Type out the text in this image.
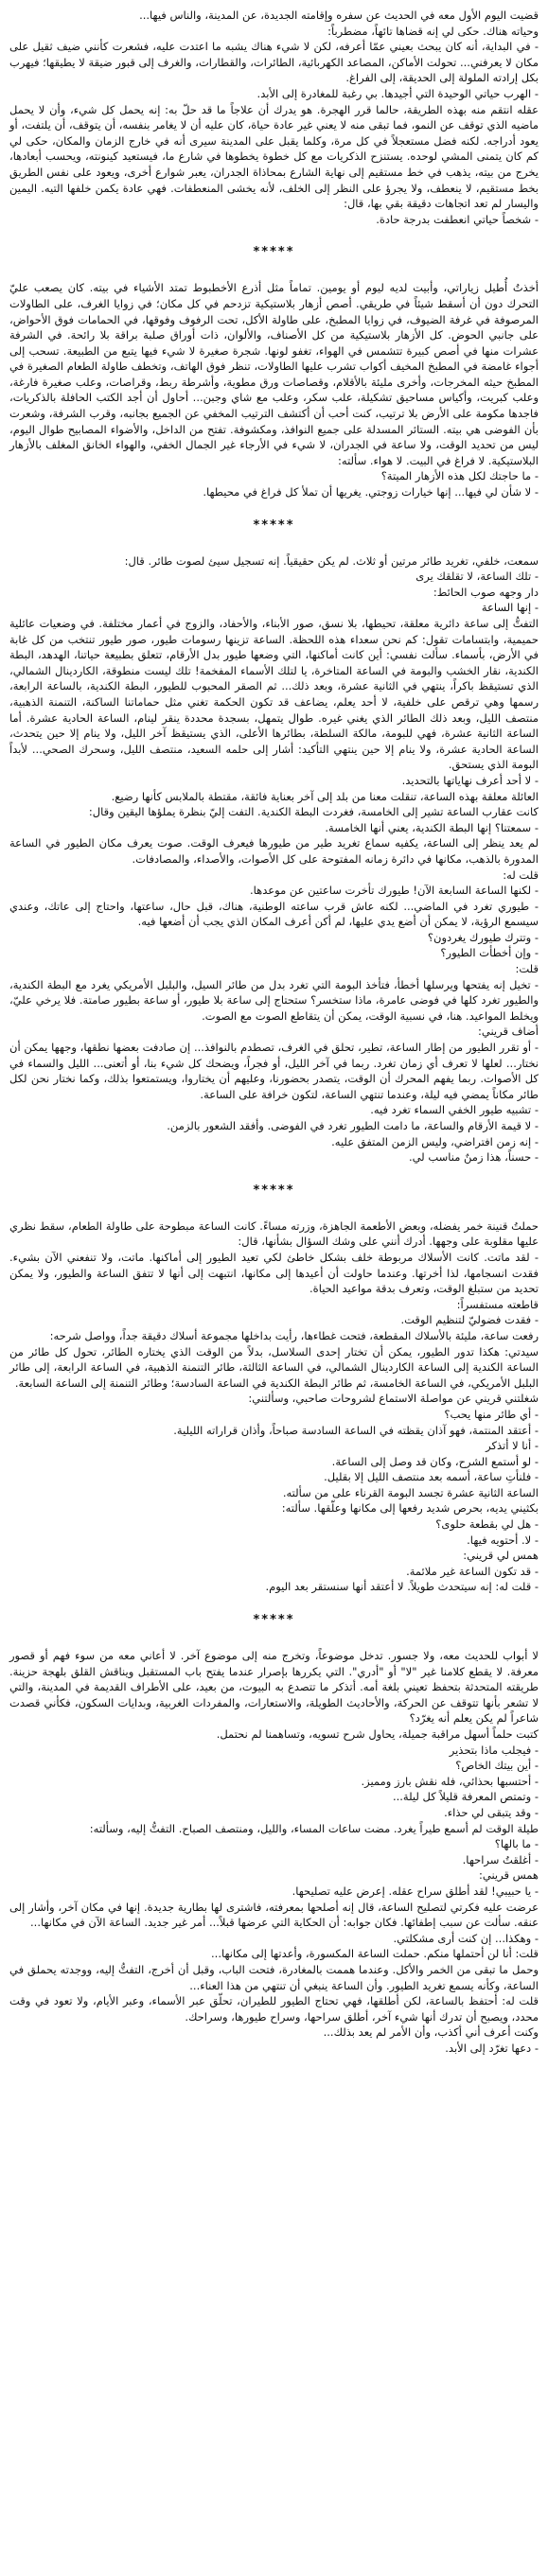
قضيت اليوم الأول معه في الحديث عن سفره وإقامته الجديدة، عن المدينة، والناس فيها...

وحياته هناك. حكى لي إنه قضاها تائهاً، مضطرباً:

- في البداية، أنه كان يبحث بعيني عمّا أعرفه، لكن لا شيء هناك يشبه ما اعتدت عليه، فشعرت كأنني ضيف ثقيل على مكان لا يعرفني... تحولت الأماكن، المصاعد الكهربائية، الطائرات، والقطارات، والغرف إلى قبور ضيقة لا يطيقها؛ فيهرب بكل إرادته الملولة إلى الحديقة، إلى الفراغ.

- الهرب حياتي الوحيدة التي أجيدها. بي رغبة للمغادرة إلى الأبد.

عقله انتقم منه بهذه الطريقة، حالما قرر الهجرة. هو يدرك أن علاجاً ما قد حلّ به: إنه يحمل كل شيء، وأن لا يحمل ماضيه الذي توقف عن النمو، فما تبقى منه لا يعني غير عادة حياة، كان عليه أن لا يغامر بنفسه، أن يتوقف، أن يلتفت، أو يعود أدراجه. لكنه فضل مستعجلاً في كل مرة، وكلما يقبل على المدينة سيرى أنه في خارج الزمان والمكان، حكى لي كم كان يتمنى المشي لوحده. يستنزح الذكريات مع كل خطوة يخطوها في شارع ما، فيستعيد كينونته، ويحسب أبعادها، يخرج من بيته، يذهب في خط مستقيم إلى نهاية الشارع بمحاذاة الجدران، يعبر شوارع أخرى، ويعود على نفس الطريق بخط مستقيم، لا ينعطف، ولا يجرؤ على النظر إلى الخلف، لأنه يخشى المنعطفات. فهي عادة يكمن خلفها التيه. اليمين واليسار لم تعد اتجاهات دقيقة بقي بها، قال:

- شخصاً حياتي انعطفت بدرجة حادة.

*****

أخذتُ أُطيل زياراتي، وأبيت لديه ليوم أو يومين. تماماً مثل أذرع الأخطبوط تمتد الأشياء في بيته. كان يصعب عليّ التحرك دون أن أسقط شيئاً في طريقي. أصص أزهار بلاستيكية تزدحم في كل مكان؛ في زوايا الغرف، على الطاولات المرصوفة في غرفة الضيوف، في زوايا المطبخ، على طاولة الأكل، تحت الرفوف وفوقها، في الحمامات فوق الأحواض، على جانبي الحوض. كل الأزهار بلاستيكية من كل الأصناف، والألوان، ذات أوراق صلبة براقة بلا رائحة. في الشرفة عشرات منها في أصص كبيرة تتشمس في الهواء، تغفو لونها. شجرة صغيرة لا شيء فيها يتبع من الطبيعة. تسحب إلى أجواء غامضة في المطبخ المخيف أكواب تشرب عليها الطاولات، تنظر فوق الهاتف، وتخطف طاولة الطعام الصغيرة في المطبخ حيثه المخرجات، وأخرى مليئة بالأقلام، وقصاصات ورق مطوية، وأشرطة ربط، وقراصات، وعلب صغيرة فارغة، وعلب كبريت، وأكياس مساحيق تشكيلة، علب سكر، وعلب مع شاي وجبن... أحاول أن أجد الكتب الحافلة بالذكريات، فاجدها مكومة على الأرض بلا ترتيب، كنت أحب أن أكتشف الترتيب المخفي عن الجميع بجانبه، وقرب الشرفة، وشعرت بأن الفوضى هي بيته. الستائر المسدلة على جميع النوافذ، ومكشوفة. تفتح من الداخل، والأضواء المصابيح طوال اليوم، ليس من تحديد الوقت، ولا ساعة في الجدران، لا شيء في الأرجاء غير الجمال الخفي، والهواء الخانق المغلف بالأزهار البلاستيكية. لا فراغ في البيت. لا هواء. سألته:

- ما حاجتك لكل هذه الأزهار الميتة؟

- لا شأن لي فيها... إنها خيارات زوجتي. يغريها أن تملأ كل فراغ في محيطها.

*****

سمعت، خلفي، تغريد طائر مرتين أو ثلاث. لم يكن حقيقياً. إنه تسجيل سيئ لصوت طائر. قال:

- تلك الساعة، لا تقلقك يرى

دار وجهه صوب الحائط:

- إنها الساعة

التفتُّ إلى ساعة دائرية معلقة، تحيطها، بلا نسق، صور الأبناء، والأحفاد، والزوج في أعمار مختلفة. في وضعيات عائلية حميمية، وابتسامات تقول: كم نحن سعداء هذه اللحظة. الساعة تزينها رسومات طيور، صور طيور تنتخب من كل غابة في الأرض، بأسماء. سألت نفسي: أين كانت أماكنها، التي وضعها طيور بدل الأرقام، تتعلق بطبيعة حياتنا، الهدهد، البطة الكندية، نقار الخشب والبومة في الساعة المتاخرة، يا لتلك الأسماء المفخمة! تلك ليست منطوقة، الكاردينال الشمالي، الذي تستيقظ باكراً، ينتهي في الثانية عشرة، وبعد ذلك... ثم الصقر المحبوب للطيور، البطة الكندية، بالساعة الرابعة، رسمها وهي ترقص على خلفية، لا أحد يعلم، يضاعف قد تكون الحكمة تغني مثل حماماتنا الساكنة، التنمنة الذهبية، منتصف الليل، وبعد ذلك الطائر الذي يغني غيره. طوال يتمهل، بسجدة محددة ينقر لينام، الساعة الحادية عشرة. أما الساعة الثانية عشرة، فهي للبومة، مالكة السلطة، بطائرها الأعلى، الذي يستيقظ آخر الليل، ولا ينام إلا حين يتحدث، الساعة الحادية عشرة، ولا ينام إلا حين ينتهي التأكيد: أشار إلى حلمه السعيد، منتصف الليل، وسحرك الصحي... لأبداً البومة الذي يستحق.

- لا أحد أعرف نهاياتها بالتحديد.

العائلة معلقة بهذه الساعة، تنقلت معنا من بلد إلى آخر بعناية فائقة، مقتطة بالملابس كأنها رضيع.

كانت عقارب الساعة تشير إلى الخامسة، فغردت البطة الكندية. التفت إليّ بنظرة يملؤها اليقين وقال:

- سمعتنا؟ إنها البطة الكندية، يعني أنها الخامسة.

لم يعد ينظر إلى الساعة، يكفيه سماع تغريد طير من طيورها فيعرف الوقت. صوت يعرف مكان الطيور في الساعة المدورة بالذهب، مكانها في دائرة زمانه المفتوحة على كل الأصوات، والأصداء، والمصادفات.

قلت له:

- لكنها الساعة السابعة الآن! طيورك تأخرت ساعتين عن موعدها.

- طيوري تغرد في الماضي... لكنه عاش قرب ساعته الوطنية، هناك، قبل حال، ساعتها، واحتاج إلى عاتك، وعندي سيسمع الرؤية، لا يمكن أن أضع يدي عليها، لم أكن أعرف المكان الذي يجب أن أضعها فيه.

- وتترك طيورك يغردون؟

- وإن أخطأت الطيور؟

قلت:

- تخيل إنه يفتحها ويرسلها أخطأ، فتأخذ البومة التي تغرد بدل من طائر السيل، والبلبل الأمريكي يغرد مع البطة الكندية، والطيور تغرد كلها في فوضى عامرة، ماذا ستخسر؟ ستحتاج إلى ساعة بلا طيور، أو ساعة بطيور صامتة. فلا يرخي عليّ، ويخلط المواعيد. هنا، في نسبية الوقت، يمكن أن يتقاطع الصوت مع الصوت.

أضاف قريني:

- أو تقرر الطيور من إطار الساعة، تطير، تحلق في الغرف، تصطدم بالنوافذ... إن صادفت بعضها نطقها، وجهها يمكن أن نختار... لعلها لا تعرف أي زمان تغرد. ربما في آخر الليل، أو فجراً، ويضحك كل شيء بنا، أو أتعنى... الليل والسماء في كل الأصوات. ربما يفهم المحرك أن الوقت، يتصدر بحضورنا، وعليهم أن يختاروا، ويستمتعوا بذلك، وكما نختار نحن لكل طائر مكاناً يمضي فيه ليلة، وعندما تنتهي الساعة، لتكون خرافة على الساعة.

- تشبيه طيور الخفي السماء تغرد فيه.

- لا قيمة الأرقام والساعة، ما دامت الطيور تغرد في الفوضى. وأفقد الشعور بالزمن.

- إنه زمن افتراضي، وليس الزمن المتفق عليه.

- حسناً، هذا زمنٌ مناسب لي.

*****

حملتُ قنينة خمر يفضله، وبعض الأطعمة الجاهزة، وزرته مساءً. كانت الساعة مبطوحة على طاولة الطعام، سقط نظري عليها مقلوبة على وجهها. أدرك أنني على وشك السؤال بشأنها، قال:

- لقد ماتت. كانت الأسلاك مربوطة خلف بشكل خاطئ لكي تعيد الطيور إلى أماكنها. ماتت، ولا تنفعني الآن بشيء. فقدت انسجامها، لذا أخرتها. وعندما حاولت أن أعيدها إلى مكانها، انتبهت إلى أنها لا تتفق الساعة والطيور، ولا يمكن تحديد من ستبلغ الوقت، وتعرف بدقة مواعيد الحياة.

قاطعته مستفسراً:

- فقدت فضوليّ لتنظيم الوقت.

رفعت ساعة، مليئة بالأسلاك المقطعة، فتحت غطاءها، رأيت بداخلها مجموعة أسلاك دقيقة جداً، وواصل شرحه:

سيدتي: هكذا تدور الطيور، يمكن أن تختار إحدى السلاسل، بدلاً من الوقت الذي يختاره الطائر، تحول كل طائر من الساعة الكندية إلى الساعة الكاردينال الشمالي، في الساعة الثالثة، طائر التنمنة الذهبية، في الساعة الرابعة، إلى طائر البلبل الأمريكي، في الساعة الخامسة، ثم طائر البطة الكندية في الساعة السادسة؛ وطائر التنمنة إلى الساعة السابعة.

شغلتني قريني عن مواصلة الاستماع لشروحات صاحبي، وسألتني:

- أي طائر منها يحب؟

- أعتقد المنتمة، فهو آذان يقظته في الساعة السادسة صباحاً، وأذان قراراته الليلية.

- أنا لا أتذكر

- لو أستمع الشرح، وكان قد وصل إلى الساعة.

- فلنأتِ ساعة، أسمه بعد منتصف الليل إلا بقليل.

الساعة الثانية عشرة تجسد البومة القرناء على من سألته.

بكثيني يديه، بحرص شديد رفعها إلى مكانها وعلّقها. سألته:

- هل لي بقطعة حلوى؟

- لا. أحتويه فيها.

همس لي قريني:

- قد تكون الساعة غير ملائمة.

- قلت له: إنه سيتحدث طويلاً. لا أعتقد أنها سنستقر بعد اليوم.

*****

لا أبواب للحديث معه، ولا جسور. تدخل موضوعاً، وتخرج منه إلى موضوع آخر. لا أعاني معه من سوء فهم أو قصور معرفة. لا يقطع كلامنا غير "لا" أو "أدري". التي يكررها بإصرار عندما يفتح باب المستقبل ويناقش القلق بلهجة حزينة. طريقته المتحدثة بتحفظ تعيني بلغة أمه. أتذكر ما تتصدع به البيوت، من بعيد، على الأطراف القديمة في المدينة، والتي لا تشعر بأنها تتوقف عن الحركة، والأحاديث الطويلة، والاستعارات، والمفردات الغربية، وبدايات السكون، فكأني قصدت شاعراً لم يكن يعلم أنه يغرّد؟

كتبت حلماً أسهل مراقبة جميلة، يحاول شرح تسويه، وتساهمنا لم نحتمل.

- فيجلب ماذا بتحذير

- أين بيتك الخاص؟

- أحتسبها بحذائي، فله نقش بارز ومميز.

- وتمتص المعرفة قليلاً كل ليلة...

- وقد يتبقى لي حذاء.

طيلة الوقت لم أسمع طيراً يغرد. مضت ساعات المساء، والليل، ومنتصف الصباح. التفتُّ إليه، وسألته:

- ما بالها؟

- أغلقتُ سراحها.

همس قريني:

- يا حبيبي! لقد أطلق سراح عقله. إعرض عليه تصليحها.

عرضت عليه فكرتي لتصليح الساعة، قال إنه أصلحها بمعرفته، فاشترى لها بطارية جديدة. إنها في مكان آخر، وأشار إلى عنقه. سألت عن سبب إطفائها. فكان جوابه: أن الحكاية التي عرضها قبلاً... أمر غير جديد. الساعة الآن في مكانها...

- وهكذا... إن كنت أرى مشكلتي.

قلت: أنا لن أحتملها منكم. حملت الساعة المكسورة، وأعدتها إلى مكانها...

وحمل ما تبقى من الخمر والأكل. وعندما هممت بالمغادرة، فتحت الباب، وقبل أن أخرج، التفتُّ إليه، ووجدته يحملق في الساعة، وكأنه يسمع تغريد الطيور. وأن الساعة ينبغي أن تنتهي من هذا العناء...

قلت له: أحتفظ بالساعة، لكن أطلقها، فهي تحتاج الطيور للطيران، تحلّق عبر الأسماء، وعبر الأيام، ولا تعود في وقت محدد، ويصبح أن تدرك أنها شيء آخر، أطلق سراحها، وسراح طيورها، وسراحك.

وكنت أعرف أني أكذب، وأن الأمر لم يعد بذلك...

- دعها تغرّد إلى الأبد.
